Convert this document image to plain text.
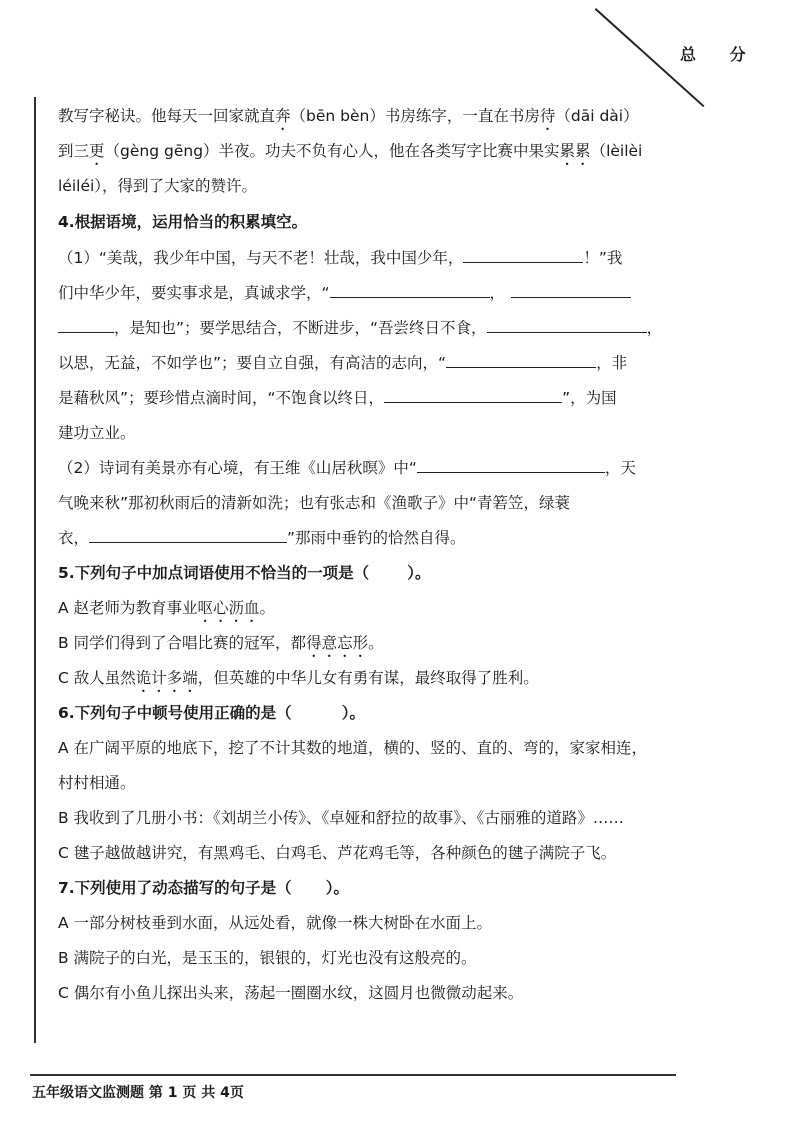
总 分
教写字秘诀。他每天一回家就直奔（bēn bèn）书房练字，一直在书房待（dāi dài）
到三更（gèng gēng）半夜。功夫不负有心人，他在各类写字比赛中果实累累（lèilèi
léiléi），得到了大家的赞许。
4.根据语境，运用恰当的积累填空。
（1）“美哉，我少年中国，与天不老！壮哉，我中国少年，	！”我
们中华少年，要实事求是，真诚求学，“	，
，是知也”；要学思结合，不断进步，“吾尝终日不食，	，
以思，无益，不如学也”；要自立自强，有高洁的志向，“	，非
是藉秋风”；要珍惜点滴时间，“不饱食以终日，	”，为国
建功立业。
（2）诗词有美景亦有心境，有王维《山居秋暝》中“	，天
气晚来秋”那初秋雨后的清新如洗；也有张志和《渔歌子》中“青箬笠，绿蓑
衣，	”那雨中垂钓的恰然自得。
5.下列句子中加点词语使用不恰当的一项是（ ）。
A 赵老师为教育事业呕心沥血。
B 同学们得到了合唱比赛的冠军，都得意忘形。
C 敌人虽然诡计多端，但英雄的中华儿女有勇有谋，最终取得了胜利。
6.下列句子中顿号使用正确的是（	）。
A 在广阔平原的地底下，挖了不计其数的地道，横的、竖的、直的、弯的，家家相连，
村村相通。
B 我收到了几册小书：《刘胡兰小传》、《卓娅和舒拉的故事》、《古丽雅的道路》……
C 毽子越做越讲究，有黑鸡毛、白鸡毛、芦花鸡毛等，各种颜色的毽子满院子飞。
7.下列使用了动态描写的句子是（ ）。
A 一部分树枝垂到水面，从远处看，就像一株大树卧在水面上。
B 满院子的白光，是玉玉的，银银的，灯光也没有这般亮的。
C 偶尔有小鱼儿探出头来，荡起一圈圈水纹，这圆月也微微动起来。
五年级语文监测题 第 1 页 共 4页
